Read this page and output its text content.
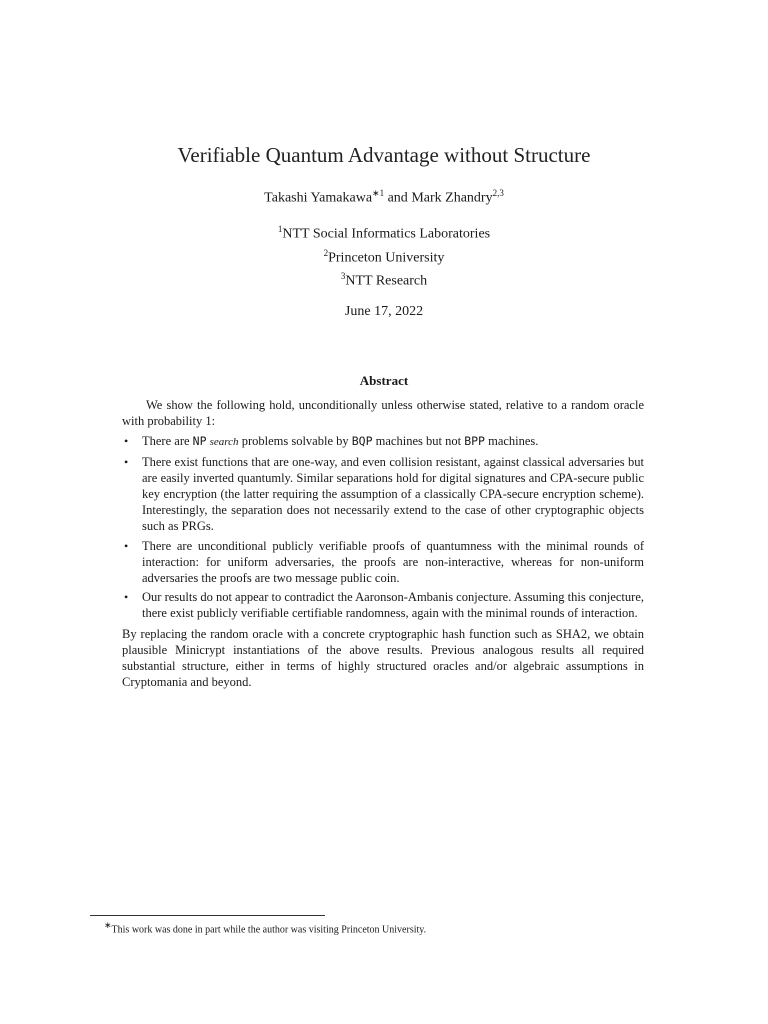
Verifiable Quantum Advantage without Structure
Takashi Yamakawa$^{∗1}$ and Mark Zhandry$^{2,3}$
$^1$NTT Social Informatics Laboratories
$^2$Princeton University
$^3$NTT Research
June 17, 2022
Abstract

We show the following hold, unconditionally unless otherwise stated, relative to a random oracle with probability 1:

• There are NP search problems solvable by BQP machines but not BPP machines.
• There exist functions that are one-way, and even collision resistant, against classical adversaries but are easily inverted quantumly. Similar separations hold for digital signatures and CPA-secure public key encryption (the latter requiring the assumption of a classically CPA-secure encryption scheme). Interestingly, the separation does not necessarily extend to the case of other cryptographic objects such as PRGs.
• There are unconditional publicly verifiable proofs of quantumness with the minimal rounds of interaction: for uniform adversaries, the proofs are non-interactive, whereas for non-uniform adversaries the proofs are two message public coin.
• Our results do not appear to contradict the Aaronson-Ambanis conjecture. Assuming this conjecture, there exist publicly verifiable certifiable randomness, again with the minimal rounds of interaction.

By replacing the random oracle with a concrete cryptographic hash function such as SHA2, we obtain plausible Minicrypt instantiations of the above results. Previous analogous results all required substantial structure, either in terms of highly structured oracles and/or algebraic assumptions in Cryptomania and beyond.

∗This work was done in part while the author was visiting Princeton University.
